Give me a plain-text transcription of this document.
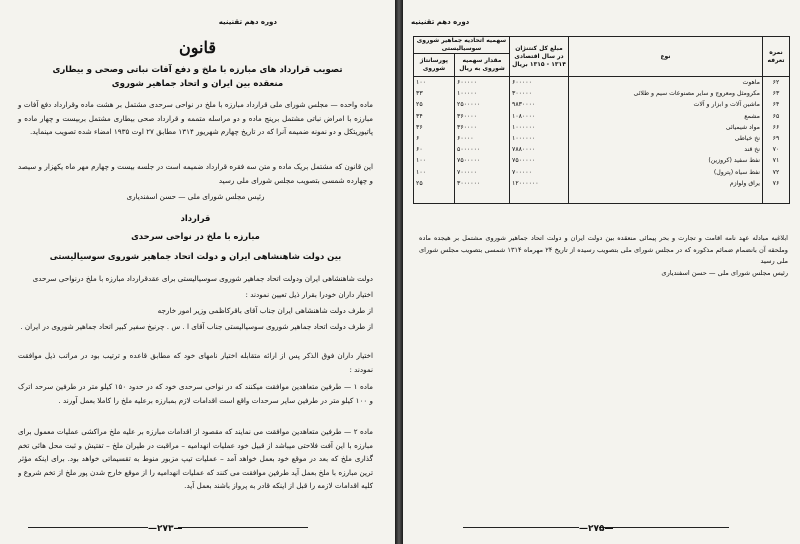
دوره دهم تقنینیه
قانون
تصویب قرارداد های مبارزه با ملخ و دفع آفات نباتی وصحی و بیطاری
منعقده بین ایران و اتحاد جماهیر شوروی
ماده واحده — مجلس شورای ملی قرارداد مبارزه با ملخ در نواحی سرحدی مشتمل بر هشت ماده وقرارداد دفع آفات و مبارزه با امراض نباتی مشتمل برپنج ماده و دو مراسله متممه و قرارداد صحی بیطاری مشتمل بربیست و چهار ماده و پاتیوریتکل و دو نمونه ضمیمه آنرا که در تاریخ چهارم شهریور ۱۳۱۴ مطابق ۲۷ اوت ۱۹۳۵ امضاء شده تصویب مینماید.
این قانون که مشتمل بریک ماده و متن سه فقره قرارداد ضمیمه است در جلسه بیست و چهارم مهر ماه یکهزار و سیصد و چهارده شمسی بتصویب مجلس شورای ملی رسید
رئیس مجلس شورای ملی — حسن اسفندیاری
قرارداد
مبارزه با ملخ در نواحی سرحدی
بین دولت شاهنشاهی ایران و دولت اتحاد جماهیر شوروی سوسیالیستی
دولت شاهنشاهی ایران ودولت اتحاد جماهیر شوروی سوسیالیستی برای عقدقرارداد مبارزه با ملخ درنواحی سرحدی
اختیار داران خودرا بقرار ذیل تعیین نمودند :
از طرف دولت شاهنشاهی ایران جناب آقای باقرکاظمی وزیر امور خارجه
از طرف دولت اتحاد جماهیر شوروی سوسیالیستی جناب آقای ا . س . چرنیخ سفیر کبیر اتحاد جماهیر شوروی در ایران .
اختیار داران فوق الذکر پس از ارائه متقابله اختیار نامهای خود که مطابق قاعده و ترتیب بود در مراتب ذیل موافقت نمودند :
ماده ۱ — طرفین متعاهدین موافقت میکنند که در نواحی سرحدی خود که در حدود ۱۵۰ کیلو متر در طرفین سرحد اترک و ۱۰۰ کیلو متر در طرفین سایر سرحدات واقع است اقدامات لازم بمبارزه برعلیه ملخ را کاملا بعمل آورند .
ماده ۲ — طرفین متعاهدین موافقت می نمایند که مقصود از اقدامات مبارزه بر علیه ملخ مراکشی عملیات معمول برای مبارزه با این آفت فلاحتی میباشد از قبیل خود عملیات انهدامیه – مراقبت در طیران ملخ – تفتیش و ثبت محل هائی تخم گذاری ملخ که بعد در موقع خود بعمل خواهد آمد – عملیات تیپ مزبور منوط به تقسیماتی خواهد بود. برای اینکه مؤثر ترین مبارزه با ملخ بعمل آید طرفین موافقت می کنند که عملیات انهدامیه را از موقع خارج شدن پور ملخ از تخم شروع و کلیه اقدامات لازمه را قبل از اینکه قادر به پرواز باشند بعمل آید.
—۲۷۳—
دوره دهم تقنینیه
نمره تعرفه	نوع	مبلغ کل کنتنژان در سال اقتصادی ۱۳۱۴ - ۱۳۱۵ بریال	سهمیه اتحادیه جماهیر شوروی سوسیالیستی	
			مقدار سهمیه شوروی به ریال	پورسانتاژ شوروی
۶۲	ماهوت	۶۰۰۰۰۰	۶۰۰۰۰۰	۱۰۰
۶۳	مکرومثل ومعروج و سایر مصنوعات سیم و طلائی	۳۰۰۰۰۰	۱۰۰۰۰۰	۳۳
۶۴	ماشین آلات و ابزار و آلات	۹۸۳۰۰۰۰	۲۵۰۰۰۰۰	۲۵
۶۵	مشمع	۱۰۸۰۰۰۰	۳۶۰۰۰۰	۳۴
۶۶	مواد شیمیائی	۱۰۰۰۰۰۰	۳۶۰۰۰۰	۳۶
۶۹	نخ خیاطی	۱۰۰۰۰۰۰	۶۰۰۰۰	۶
۷۰	نخ قند	۷۸۸۰۰۰۰	۵۰۰۰۰۰۰	۶۰
۷۱	نفط سفید (کروزین)	۷۵۰۰۰۰۰	۷۵۰۰۰۰۰	۱۰۰
۷۲	نفط سیاه (پترول)	۷۰۰۰۰۰	۷۰۰۰۰۰	۱۰۰
۷۶	یراق ولوازم	۱۲۰۰۰۰۰۰	۳۰۰۰۰۰۰	۲۵

ابلاغیه مبادله عهد نامه اقامت و تجارت و بحر پیمائی منعقده بین دولت ایران و دولت اتحاد جماهیر شوروی مشتمل بر هیجده ماده وملحقه آن بانضمام ضمائم مذکوره که در مجلس شورای ملی بتصویب رسیده از تاریخ ۲۴ مهرماه ۱۳۱۴ شمسی بتصویب مجلس شورای ملی رسید
رئیس مجلس شورای ملی — حسن اسفندیاری
—۲۷۵—
